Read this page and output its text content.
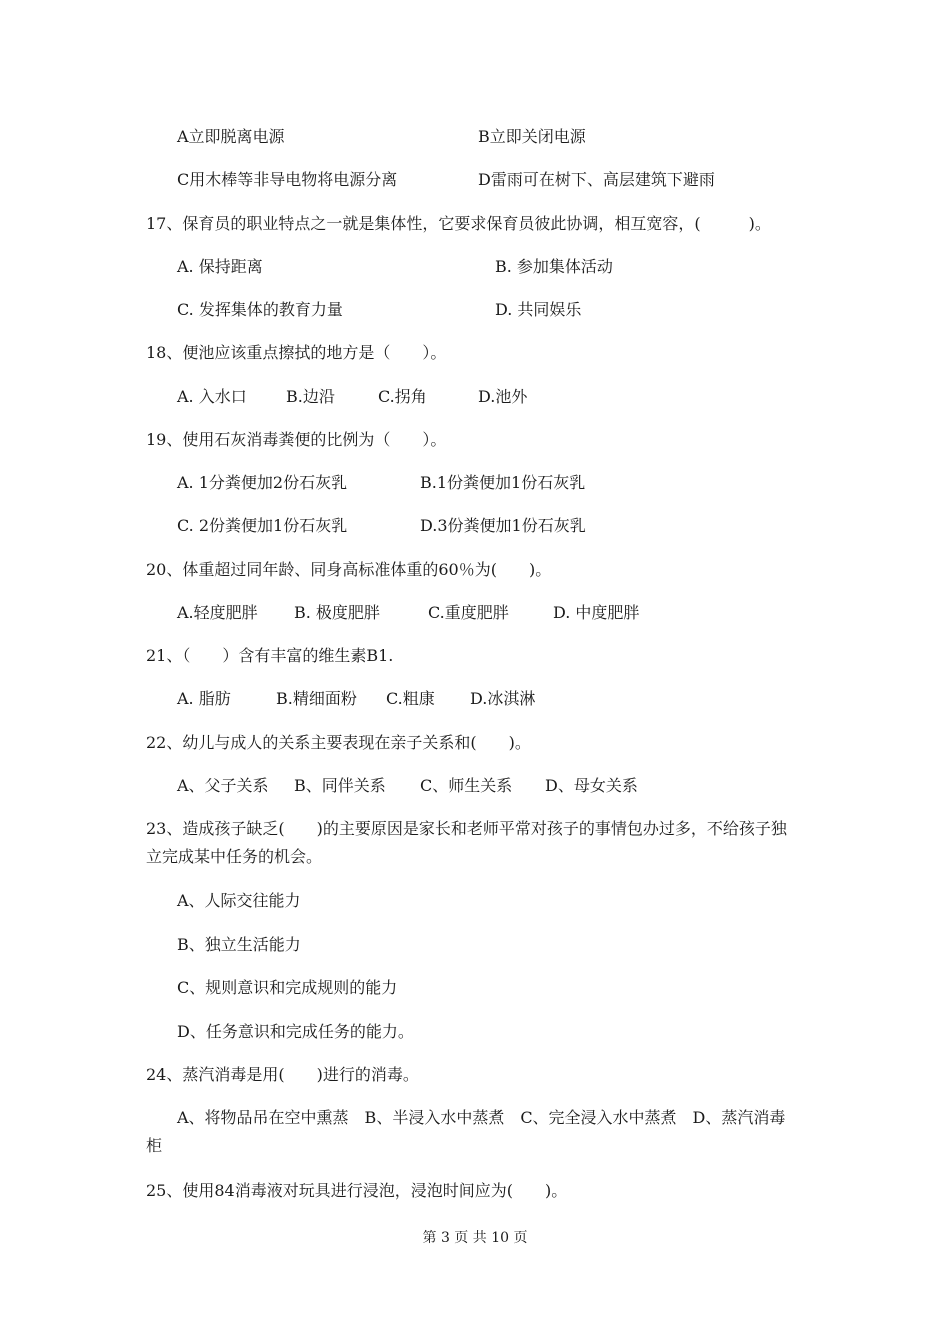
A立即脱离电源	B立即关闭电源
C用木棒等非导电物将电源分离	D雷雨可在树下、高层建筑下避雨
17、保育员的职业特点之一就是集体性，它要求保育员彼此协调，相互宽容，(　　　)。
A. 保持距离	B. 参加集体活动
C. 发挥集体的教育力量	D. 共同娱乐
18、便池应该重点擦拭的地方是（　　）。
A. 入水口 B.边沿	C.拐角	D.池外
19、使用石灰消毒粪便的比例为（　　）。
A. 1分粪便加2份石灰乳	B.1份粪便加1份石灰乳
C. 2份粪便加1份石灰乳	D.3份粪便加1份石灰乳
20、体重超过同年龄、同身高标准体重的60％为(　　)。
A.轻度肥胖 B. 极度肥胖	C.重度肥胖	D. 中度肥胖
21、（　　）含有丰富的维生素B1.
A. 脂肪	B.精细面粉 C.粗康 D.冰淇淋
22、幼儿与成人的关系主要表现在亲子关系和(　　)。
A、父子关系 B、同伴关系 C、师生关系 D、母女关系
23、造成孩子缺乏(　　)的主要原因是家长和老师平常对孩子的事情包办过多，不给孩子独
立完成某中任务的机会。
A、人际交往能力
B、独立生活能力
C、规则意识和完成规则的能力
D、任务意识和完成任务的能力。
24、蒸汽消毒是用(　　)进行的消毒。
A、将物品吊在空中熏蒸　B、半浸入水中蒸煮　C、完全浸入水中蒸煮　D、蒸汽消毒
柜
25、使用84消毒液对玩具进行浸泡，浸泡时间应为(　　)。
第 3 页 共 10 页
